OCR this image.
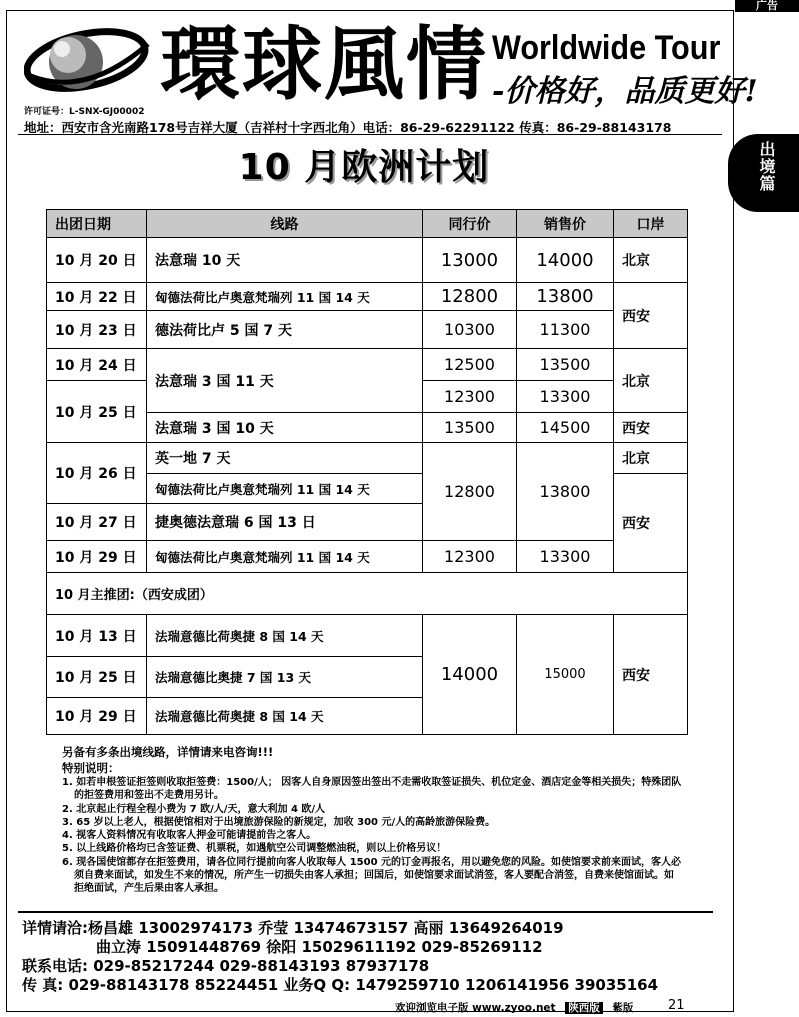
广告
出
境
篇
環球風情 Worldwide Tour
-价格好，品质更好!
许可证号：L-SNX-GJ00002
地址：西安市含光南路178号吉祥大厦（吉祥村十字西北角）电话：86-29-62291122 传真：86-29-88143178
10 月欧洲计划
出团日期	线路	同行价	销售价	口岸
10 月 20 日	法意瑞 10 天	13000	14000	北京
10 月 22 日	匈德法荷比卢奥意梵瑞列 11 国 14 天	12800	13800	西安
10 月 23 日	德法荷比卢 5 国 7 天	10300	11300	
10 月 24 日	法意瑞 3 国 11 天	12500	13500	北京
10 月 25 日		12300	13300	
	法意瑞 3 国 10 天	13500	14500	西安
10 月 26 日	英一地 7 天	12800	13800	北京
	匈德法荷比卢奥意梵瑞列 11 国 14 天			西安
10 月 27 日	捷奥德法意瑞 6 国 13 日			
10 月 29 日	匈德法荷比卢奥意梵瑞列 11 国 14 天	12300	13300	
10 月主推团:（西安成团）				
10 月 13 日	法瑞意德比荷奥捷 8 国 14 天	14000	15000	西安
10 月 25 日	法瑞意德比奥捷 7 国 13 天			
10 月 29 日	法瑞意德比荷奥捷 8 国 14 天			
另备有多条出境线路，详情请来电咨询!!!
特别说明：
1. 如若申根签证拒签则收取拒签费：1500/人； 因客人自身原因签出签出不走需收取签证损失、机位定金、酒店定金等相关损失；特殊团队的拒签费用和签出不走费用另计。
2. 北京起止行程全程小费为 7 欧/人/天，意大利加 4 欧/人
3. 65 岁以上老人，根据使馆相对于出境旅游保险的新规定，加收 300 元/人的高龄旅游保险费。
4. 视客人资料情况有收取客人押金可能请提前告之客人。
5. 以上线路价格均已含签证费、机票税，如遇航空公司调整燃油税，则以上价格另议！
6. 现各国使馆都存在拒签费用，请各位同行提前向客人收取每人 1500 元的订金再报名，用以避免您的风险。如使馆要求前来面试，客人必须自费来面试，如发生不来的情况，所产生一切损失由客人承担；回国后，如使馆要求面试消签，客人要配合消签，自费来使馆面试。如拒绝面试，产生后果由客人承担。
详情请洽:杨昌雄 13002974173 乔莹 13474673157 高丽 13649264019
曲立涛 15091448769 徐阳 15029611192 029-85269112
联系电话: 029-85217244 029-88143193 87937178
传 真: 029-88143178 85224451 业务Q Q: 1479259710 1206141956 39035164
欢迎浏览电子版 www.zyoo.net 陕西版 紫版	21
